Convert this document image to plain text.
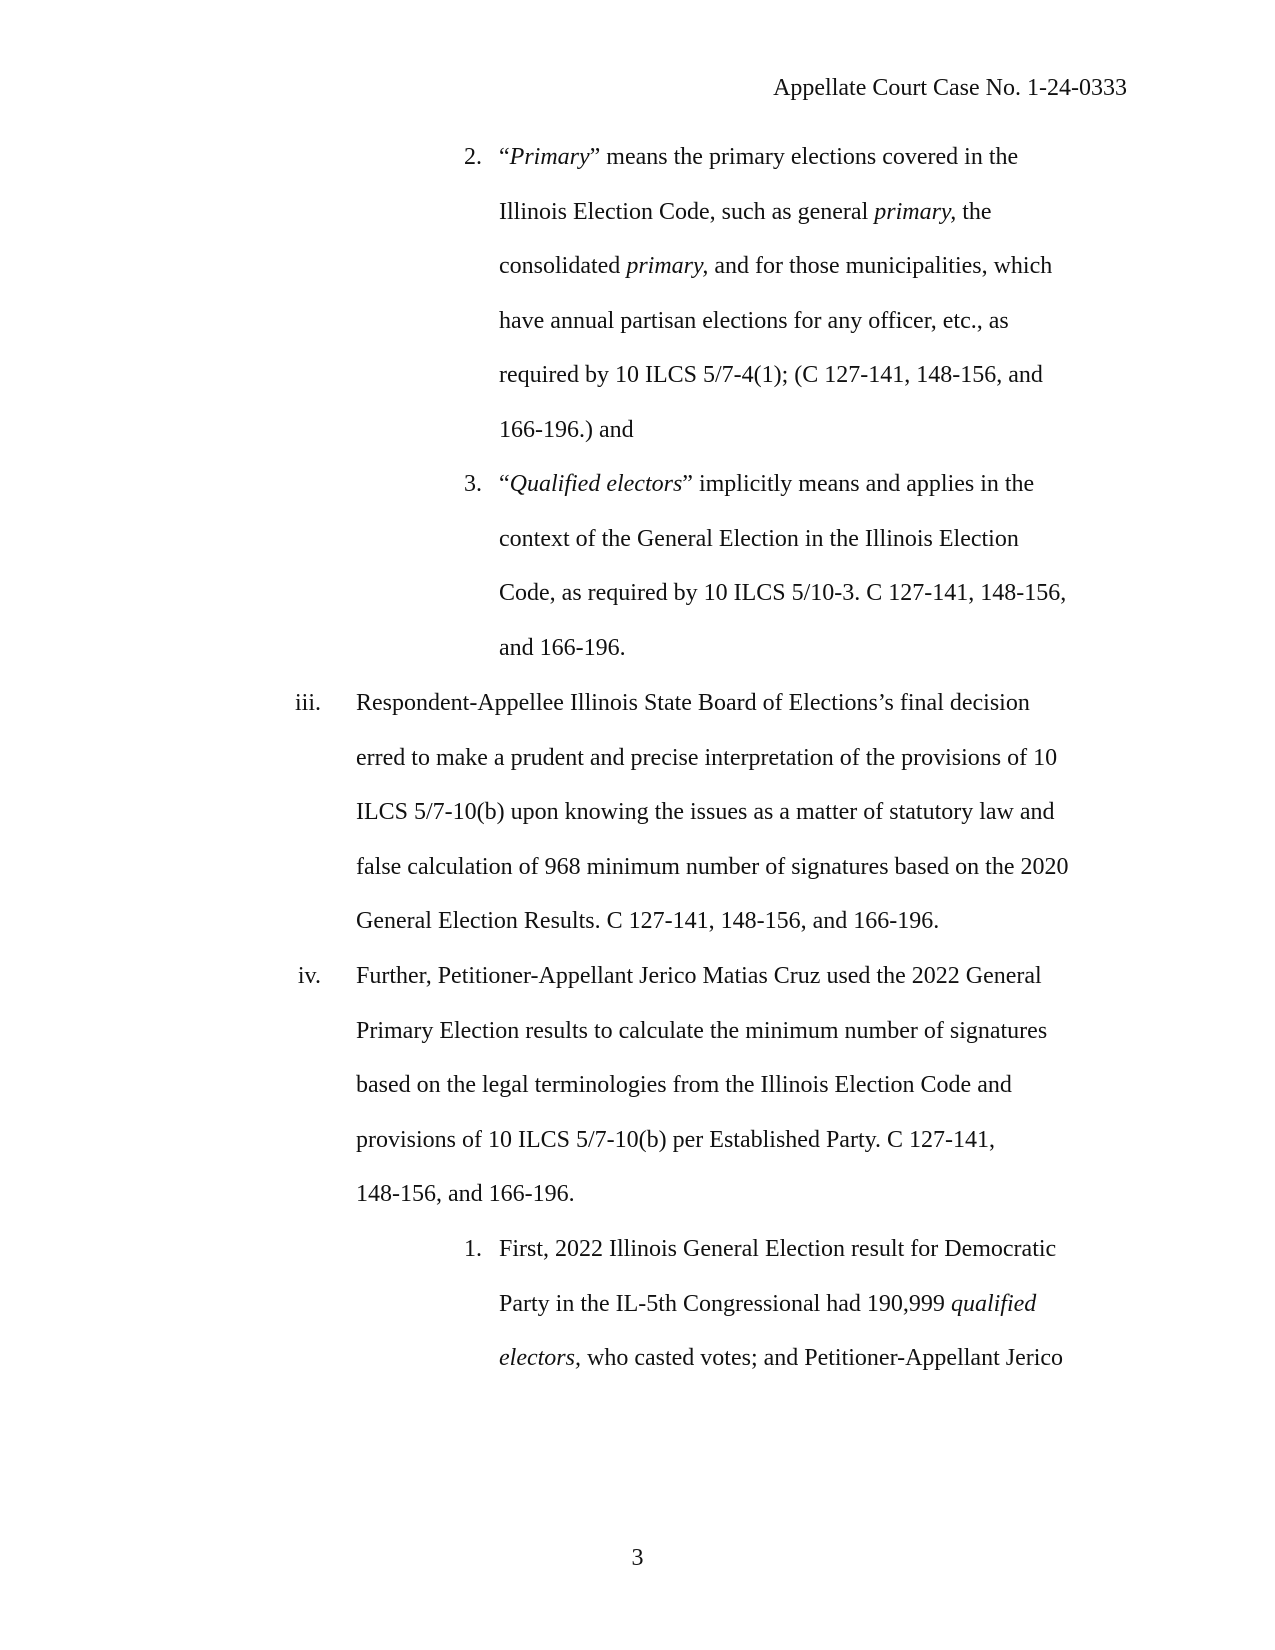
Appellate Court Case No. 1-24-0333
2. “Primary” means the primary elections covered in the
Illinois Election Code, such as general primary, the
consolidated primary, and for those municipalities, which
have annual partisan elections for any officer, etc., as
required by 10 ILCS 5/7-4(1); (C 127-141, 148-156, and
166-196.) and
3. “Qualified electors” implicitly means and applies in the
context of the General Election in the Illinois Election
Code, as required by 10 ILCS 5/10-3. C 127-141, 148-156,
and 166-196.
iii. Respondent-Appellee Illinois State Board of Elections’s final decision
erred to make a prudent and precise interpretation of the provisions of 10
ILCS 5/7-10(b) upon knowing the issues as a matter of statutory law and
false calculation of 968 minimum number of signatures based on the 2020
General Election Results. C 127-141, 148-156, and 166-196.
iv. Further, Petitioner-Appellant Jerico Matias Cruz used the 2022 General
Primary Election results to calculate the minimum number of signatures
based on the legal terminologies from the Illinois Election Code and
provisions of 10 ILCS 5/7-10(b) per Established Party. C 127-141,
148-156, and 166-196.
1. First, 2022 Illinois General Election result for Democratic
Party in the IL-5th Congressional had 190,999 qualified
electors, who casted votes; and Petitioner-Appellant Jerico
3
